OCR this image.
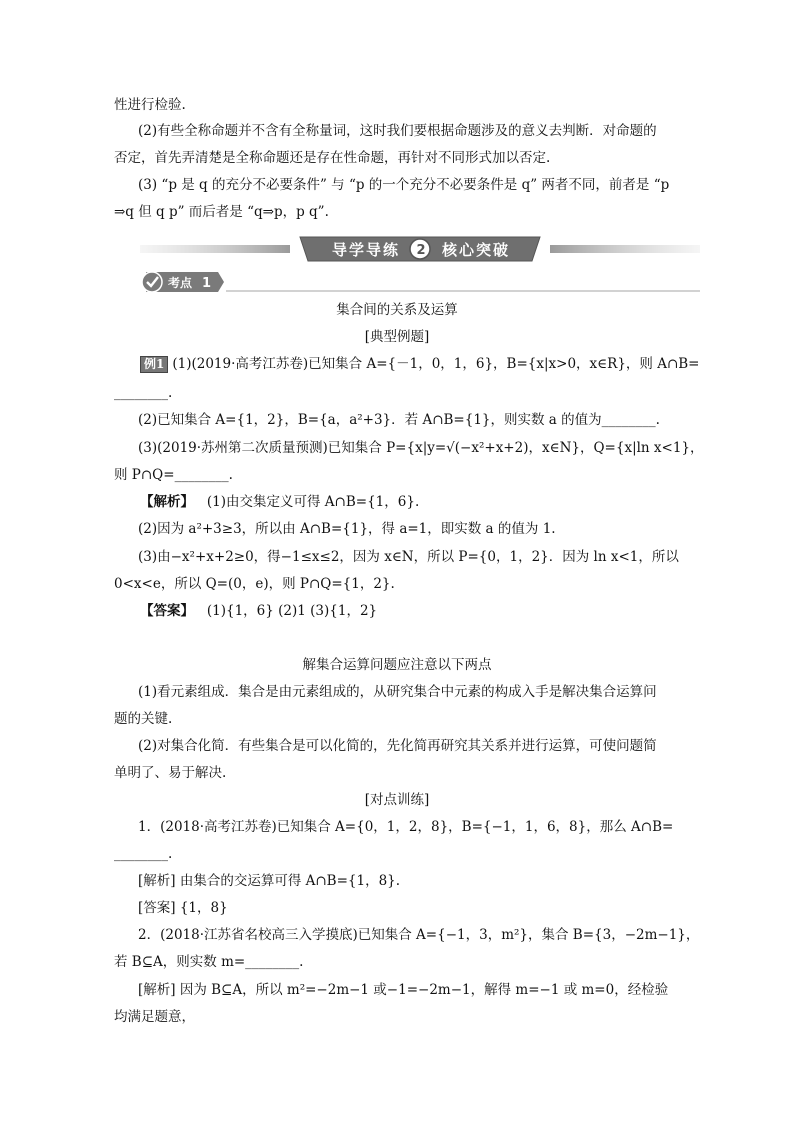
性进行检验.
(2)有些全称命题并不含有全称量词，这时我们要根据命题涉及的意义去判断．对命题的
否定，首先弄清楚是全称命题还是存在性命题，再针对不同形式加以否定.
(3) “p 是 q 的充分不必要条件” 与 “p 的一个充分不必要条件是 q” 两者不同，前者是 “p
⇒q 但 q p” 而后者是 “q⇒p，p q”.
2
导学导练	核心突破
考点 1
集合间的关系及运算
[典型例题]
例1 (1)(2019·高考江苏卷)已知集合 A={－1，0，1，6}，B={x|x>0，x∈R}，则 A∩B=
________.
(2)已知集合 A={1，2}，B={a，a²+3}．若 A∩B={1}，则实数 a 的值为________.
(3)(2019·苏州第二次质量预测)已知集合 P={x|y=√(−x²+x+2)，x∈N}，Q={x|ln x<1}，
则 P∩Q=________.
【解析】 (1)由交集定义可得 A∩B={1，6}.
(2)因为 a²+3≥3，所以由 A∩B={1}，得 a=1，即实数 a 的值为 1.
(3)由−x²+x+2≥0，得−1≤x≤2，因为 x∈N，所以 P={0，1，2}．因为 ln x<1，所以
0<x<e，所以 Q=(0，e)，则 P∩Q={1，2}.
【答案】 (1){1，6} (2)1 (3){1，2}
解集合运算问题应注意以下两点
(1)看元素组成．集合是由元素组成的，从研究集合中元素的构成入手是解决集合运算问
题的关键.
(2)对集合化简．有些集合是可以化简的，先化简再研究其关系并进行运算，可使问题简
单明了、易于解决.
[对点训练]
1．(2018·高考江苏卷)已知集合 A={0，1，2，8}，B={−1，1，6，8}，那么 A∩B=
________.
[解析] 由集合的交运算可得 A∩B={1，8}.
[答案] {1，8}
2．(2018·江苏省名校高三入学摸底)已知集合 A={−1，3，m²}，集合 B={3，−2m−1}，
若 B⊆A，则实数 m=________.
[解析] 因为 B⊆A，所以 m²=−2m−1 或−1=−2m−1，解得 m=−1 或 m=0，经检验
均满足题意，
